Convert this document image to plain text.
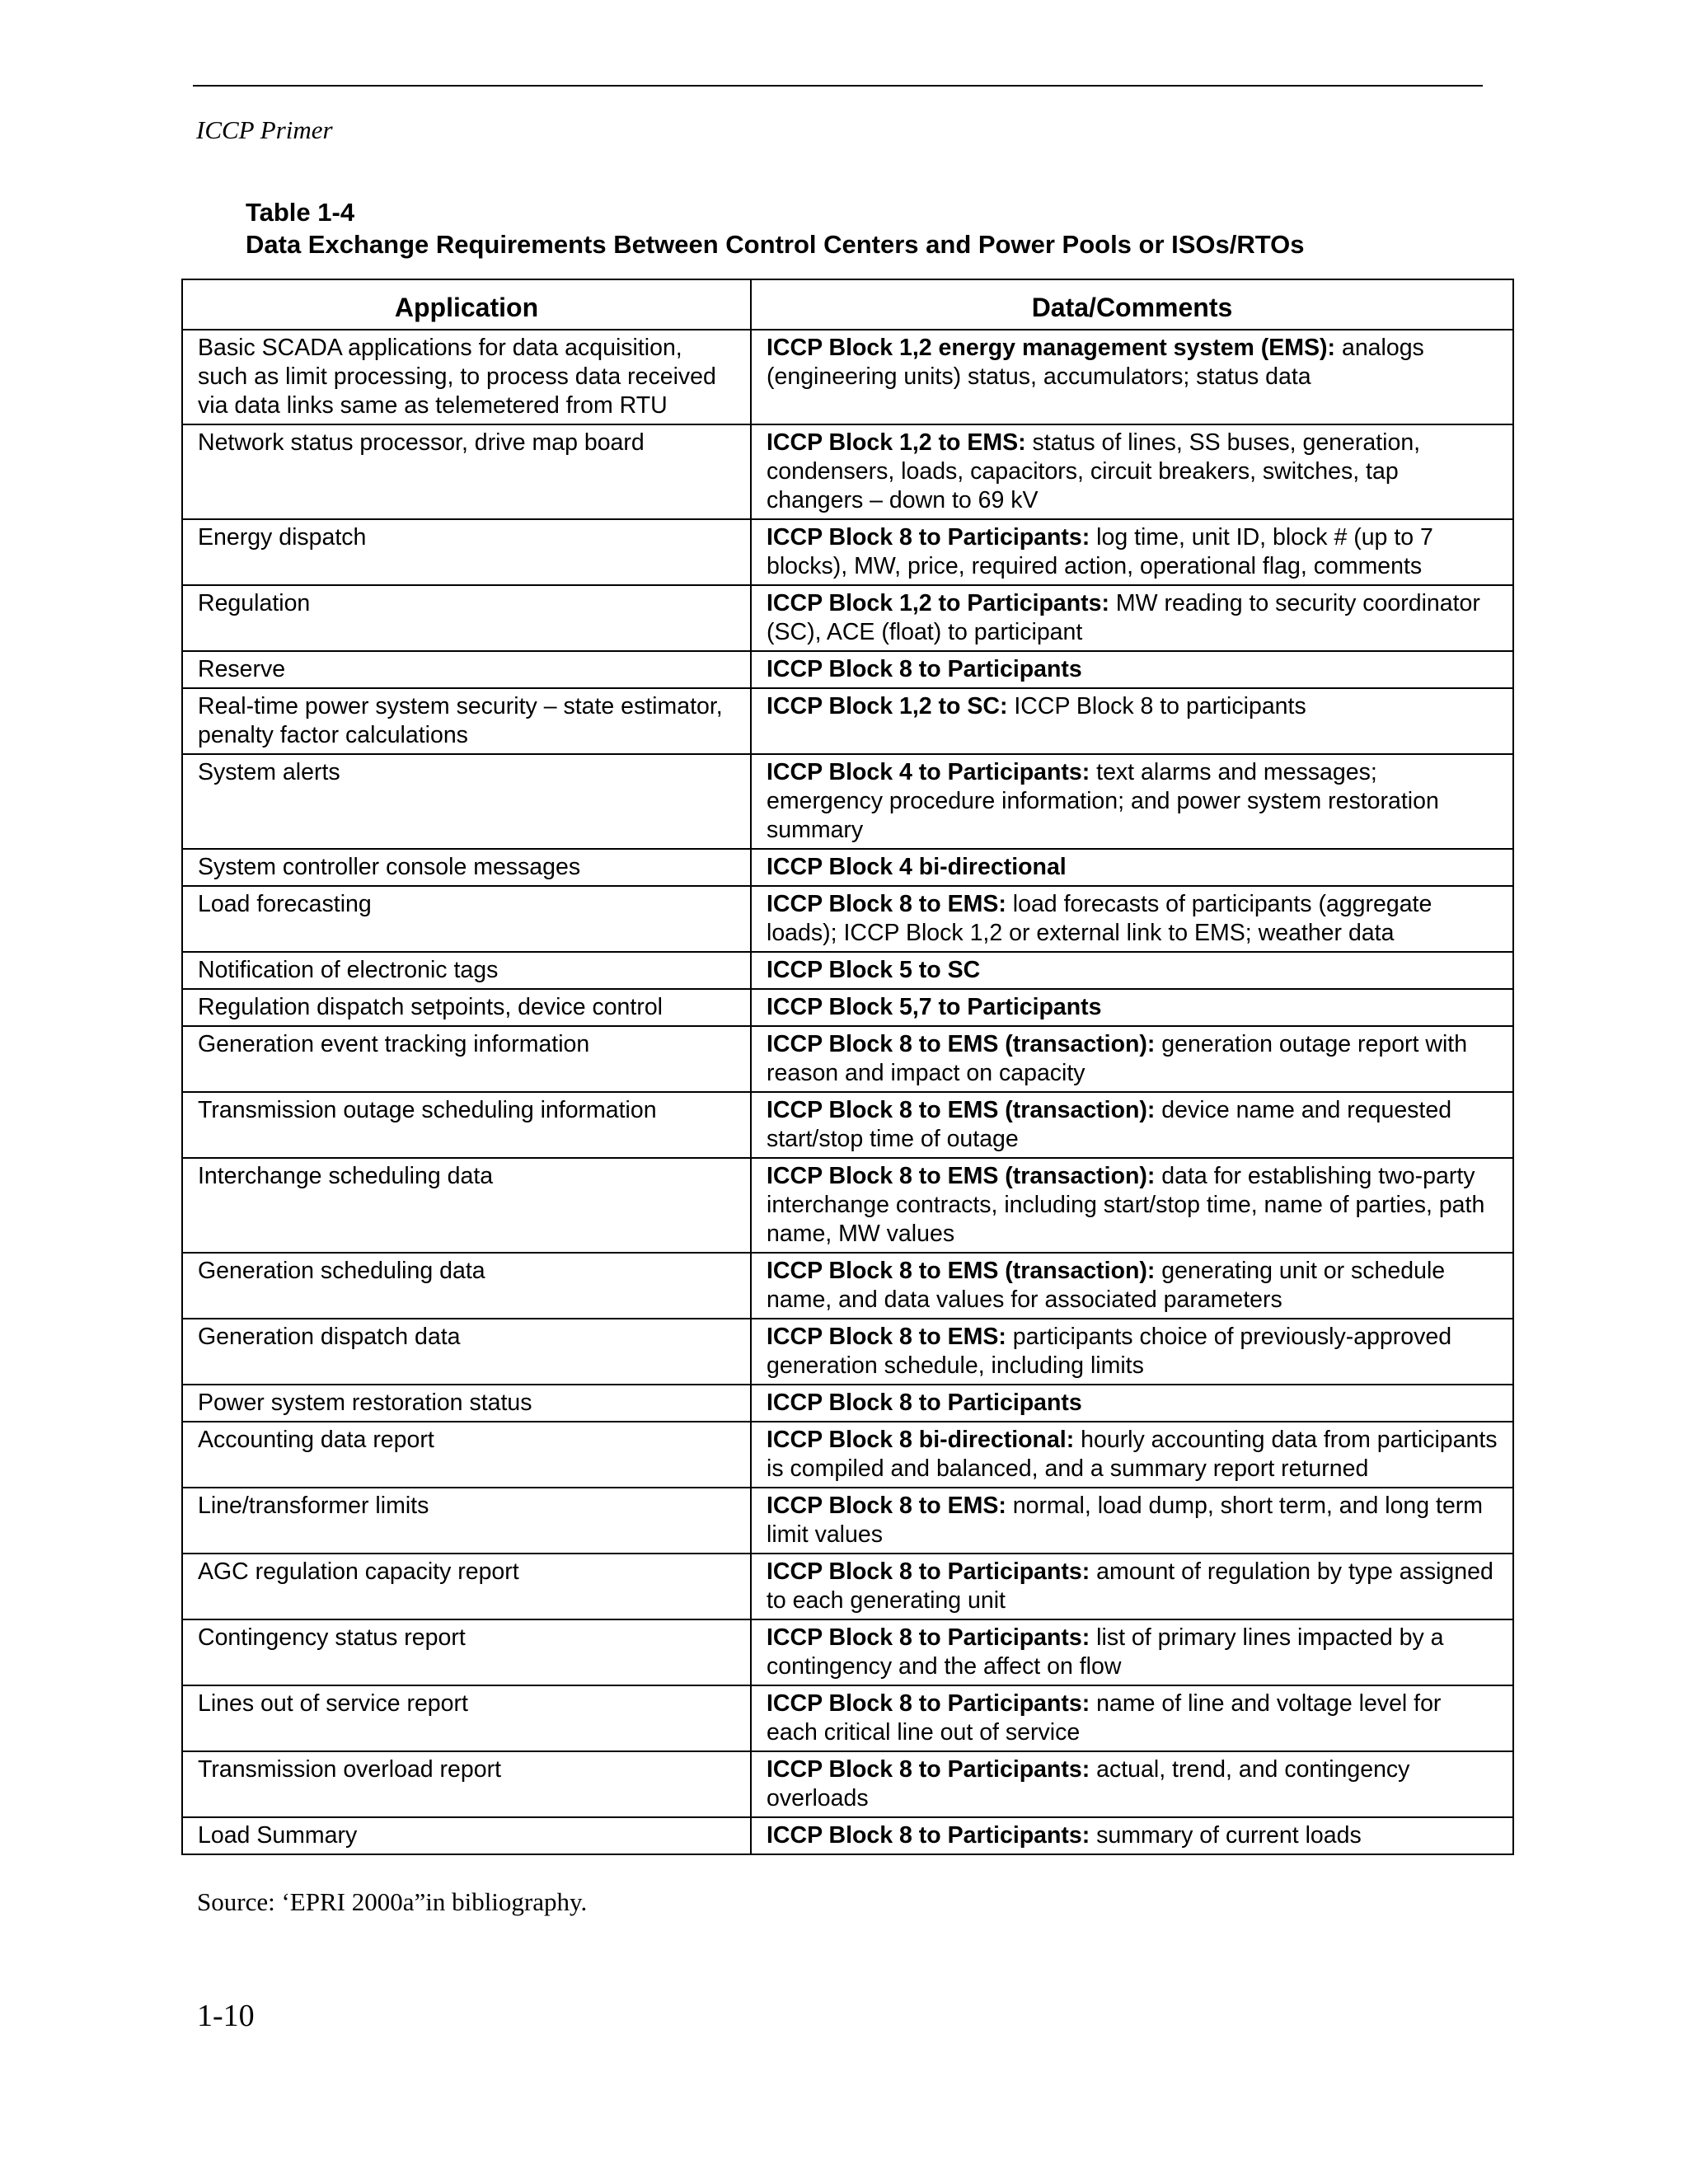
ICCP Primer
Table 1-4
Data Exchange Requirements Between Control Centers and Power Pools or ISOs/RTOs
Application	Data/Comments
Basic SCADA applications for data acquisition, such as limit processing, to process data received via data links same as telemetered from RTU	ICCP Block 1,2 energy management system (EMS): analogs (engineering units) status, accumulators; status data
Network status processor, drive map board	ICCP Block 1,2 to EMS: status of lines, SS buses, generation, condensers, loads, capacitors, circuit breakers, switches, tap changers – down to 69 kV
Energy dispatch	ICCP Block 8 to Participants: log time, unit ID, block # (up to 7 blocks), MW, price, required action, operational flag, comments
Regulation	ICCP Block 1,2 to Participants: MW reading to security coordinator (SC), ACE (float) to participant
Reserve	ICCP Block 8 to Participants
Real-time power system security – state estimator, penalty factor calculations	ICCP Block 1,2 to SC: ICCP Block 8 to participants
System alerts	ICCP Block 4 to Participants: text alarms and messages; emergency procedure information; and power system restoration summary
System controller console messages	ICCP Block 4 bi-directional
Load forecasting	ICCP Block 8 to EMS: load forecasts of participants (aggregate loads); ICCP Block 1,2 or external link to EMS; weather data
Notification of electronic tags	ICCP Block 5 to SC
Regulation dispatch setpoints, device control	ICCP Block 5,7 to Participants
Generation event tracking information	ICCP Block 8 to EMS (transaction): generation outage report with reason and impact on capacity
Transmission outage scheduling information	ICCP Block 8 to EMS (transaction): device name and requested start/stop time of outage
Interchange scheduling data	ICCP Block 8 to EMS (transaction): data for establishing two-party interchange contracts, including start/stop time, name of parties, path name, MW values
Generation scheduling data	ICCP Block 8 to EMS (transaction): generating unit or schedule name, and data values for associated parameters
Generation dispatch data	ICCP Block 8 to EMS: participants choice of previously-approved generation schedule, including limits
Power system restoration status	ICCP Block 8 to Participants
Accounting data report	ICCP Block 8 bi-directional: hourly accounting data from participants is compiled and balanced, and a summary report returned
Line/transformer limits	ICCP Block 8 to EMS: normal, load dump, short term, and long term limit values
AGC regulation capacity report	ICCP Block 8 to Participants: amount of regulation by type assigned to each generating unit
Contingency status report	ICCP Block 8 to Participants: list of primary lines impacted by a contingency and the affect on flow
Lines out of service report	ICCP Block 8 to Participants: name of line and voltage level for each critical line out of service
Transmission overload report	ICCP Block 8 to Participants: actual, trend, and contingency overloads
Load Summary	ICCP Block 8 to Participants: summary of current loads
Source: ‘EPRI 2000a”in bibliography.
1-10
